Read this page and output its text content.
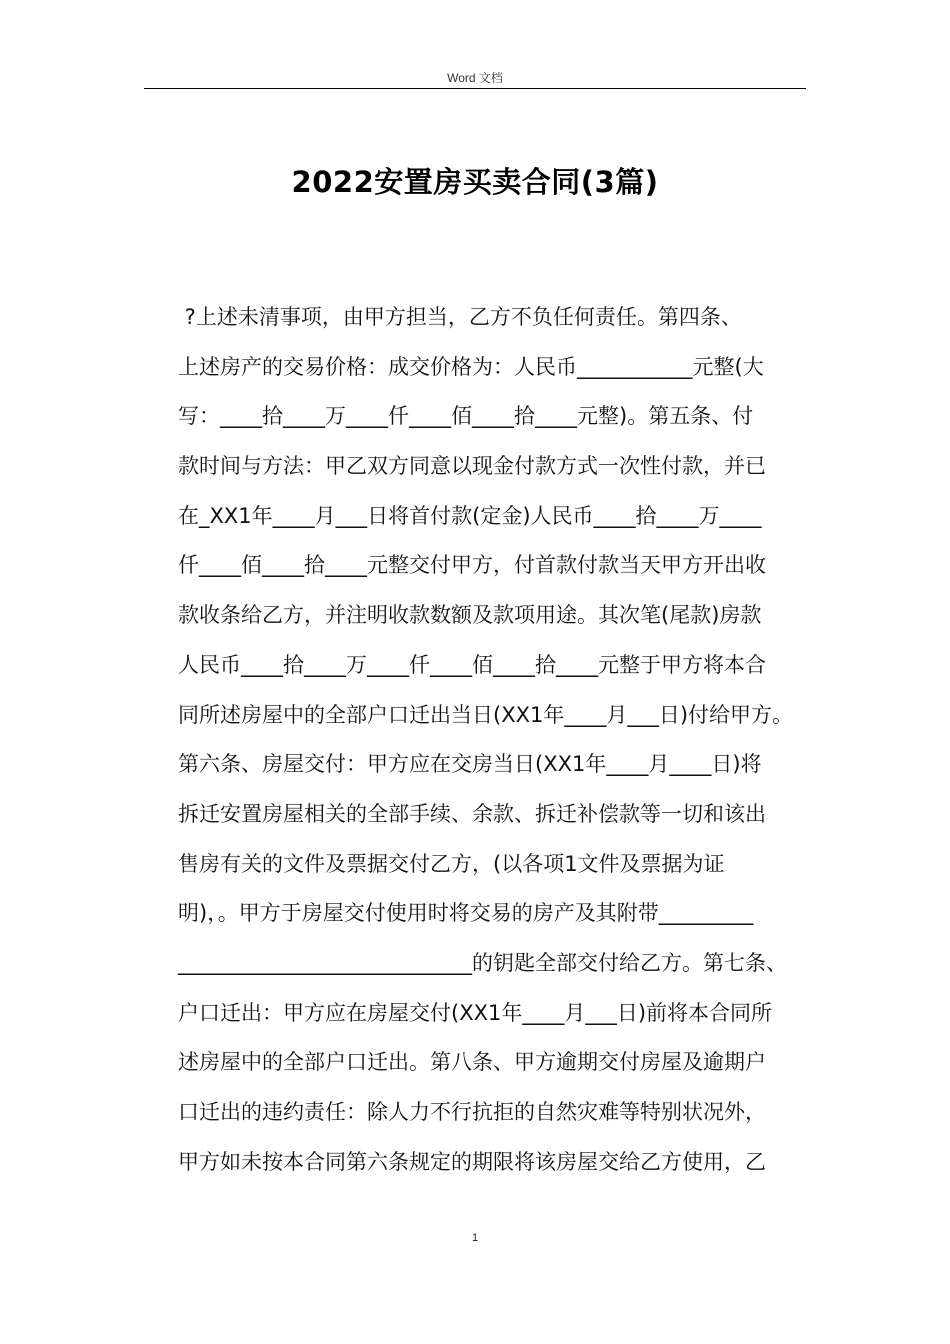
Word 文档
2022安置房买卖合同(3篇)
?上述未清事项，由甲方担当，乙方不负任何责任。第四条、
上述房产的交易价格：成交价格为：人民币___________元整(大
写：____拾____万____仟____佰____拾____元整)。第五条、付
款时间与方法：甲乙双方同意以现金付款方式一次性付款，并已
在_XX1年____月___日将首付款(定金)人民币____拾____万____
仟____佰____拾____元整交付甲方，付首款付款当天甲方开出收
款收条给乙方，并注明收款数额及款项用途。其次笔(尾款)房款
人民币____拾____万____仟____佰____拾____元整于甲方将本合
同所述房屋中的全部户口迁出当日(XX1年____月___日)付给甲方。
第六条、房屋交付：甲方应在交房当日(XX1年____月____日)将
拆迁安置房屋相关的全部手续、余款、拆迁补偿款等一切和该出
售房有关的文件及票据交付乙方，(以各项1文件及票据为证
明)，。甲方于房屋交付使用时将交易的房产及其附带_________
____________________________的钥匙全部交付给乙方。第七条、
户口迁出：甲方应在房屋交付(XX1年____月___日)前将本合同所
述房屋中的全部户口迁出。第八条、甲方逾期交付房屋及逾期户
口迁出的违约责任：除人力不行抗拒的自然灾难等特别状况外，
甲方如未按本合同第六条规定的期限将该房屋交给乙方使用，乙
1
